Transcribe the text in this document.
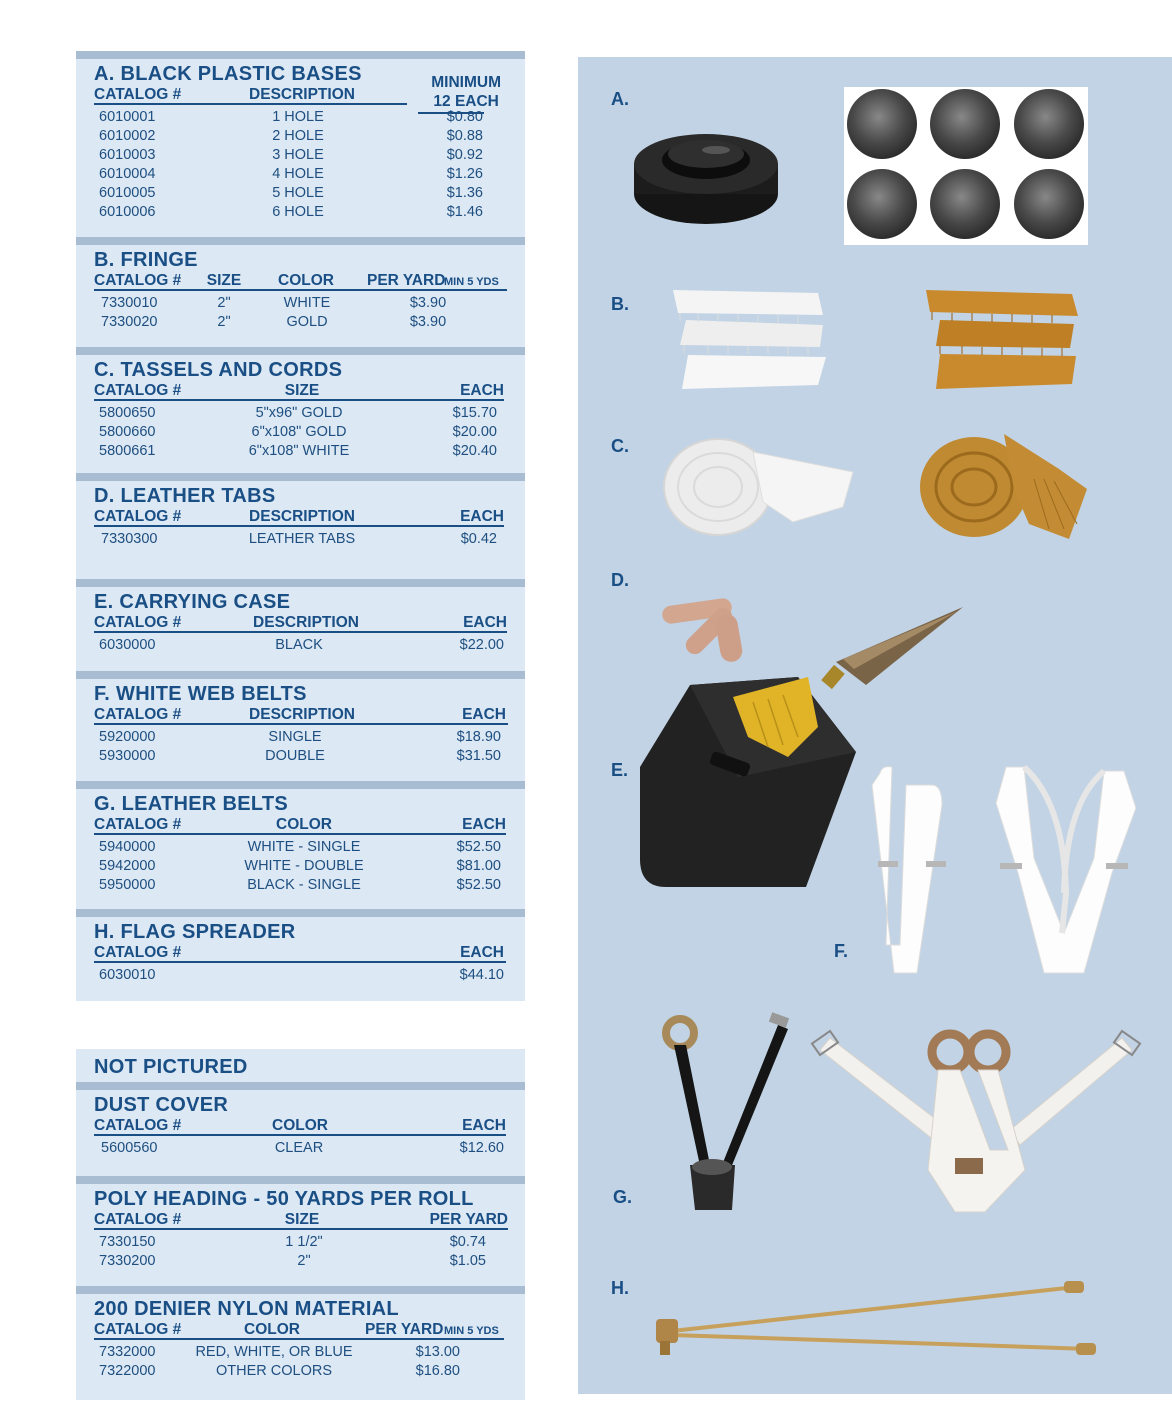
A. BLACK PLASTIC BASES	MINIMUM
12 EACH
CATALOG #	DESCRIPTION
6010001	1 HOLE	$0.80
6010002	2 HOLE	$0.88
6010003	3 HOLE	$0.92
6010004	4 HOLE	$1.26
6010005	5 HOLE	$1.36
6010006	6 HOLE	$1.46
B. FRINGE
CATALOG # SIZE COLOR PER YARD
MIN 5 YDS
7330010	2ʺ	WHITE	$3.90
7330020	2ʺ	GOLD	$3.90
C. TASSELS AND CORDS
CATALOG #	SIZE	EACH
5800650	5ʺx96ʺ GOLD	$15.70
5800660	6ʺx108ʺ GOLD	$20.00
5800661	6ʺx108ʺ WHITE	$20.40
D. LEATHER TABS
CATALOG #	DESCRIPTION	EACH
7330300	LEATHER TABS	$0.42
E. CARRYING CASE
CATALOG #	DESCRIPTION	EACH
6030000	BLACK	$22.00
F. WHITE WEB BELTS
CATALOG #	DESCRIPTION	EACH
5920000	SINGLE	$18.90
5930000	DOUBLE	$31.50
G. LEATHER BELTS
CATALOG #	COLOR	EACH
5940000	WHITE - SINGLE	$52.50
5942000	WHITE - DOUBLE	$81.00
5950000	BLACK - SINGLE	$52.50
H. FLAG SPREADER
CATALOG #	EACH
6030010	$44.10
NOT PICTURED
DUST COVER
CATALOG #	COLOR	EACH
5600560	CLEAR	$12.60
POLY HEADING - 50 YARDS PER ROLL
CATALOG #	SIZE	PER YARD
7330150	1 1/2ʺ	$0.74
7330200	2ʺ	$1.05
200 DENIER NYLON MATERIAL
CATALOG #	COLOR	PER YARD MIN 5 YDS
7332000	RED, WHITE, OR BLUE	$13.00
7322000	OTHER COLORS	$16.80
A.
B.
C.
D.
E.
F.
G.
H.
